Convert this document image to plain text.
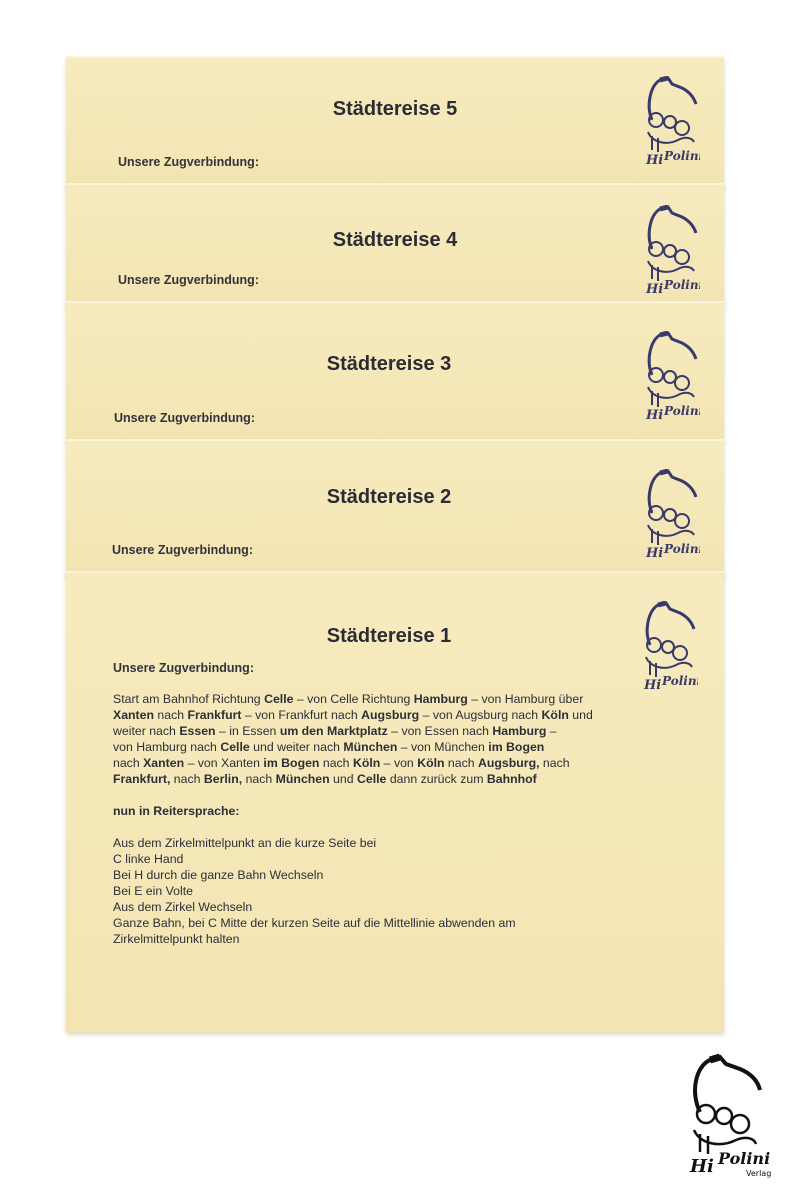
Städtereise 5
Unsere Zugverbindung:
Städtereise 4
Unsere Zugverbindung:
Städtereise 3
Unsere Zugverbindung:
Städtereise 2
Unsere Zugverbindung:
Städtereise 1
Unsere Zugverbindung:

Start am Bahnhof Richtung Celle – von Celle Richtung Hamburg – von Hamburg über

Xanten nach Frankfurt – von Frankfurt nach Augsburg – von Augsburg nach Köln und

weiter nach Essen – in Essen um den Marktplatz – von Essen nach Hamburg –

von Hamburg nach Celle und weiter nach München – von München im Bogen

nach Xanten – von Xanten im Bogen nach Köln – von Köln nach Augsburg, nach

Frankfurt, nach Berlin, nach München und Celle dann zurück zum Bahnhof

nun in Reitersprache:

Aus dem Zirkelmittelpunkt an die kurze Seite bei

C linke Hand

Bei H durch die ganze Bahn Wechseln

Bei E ein Volte

Aus dem Zirkel Wechseln

Ganze Bahn, bei C Mitte der kurzen Seite auf die Mittellinie abwenden am

Zirkelmittelpunkt halten

Hi Polini
Verlag
